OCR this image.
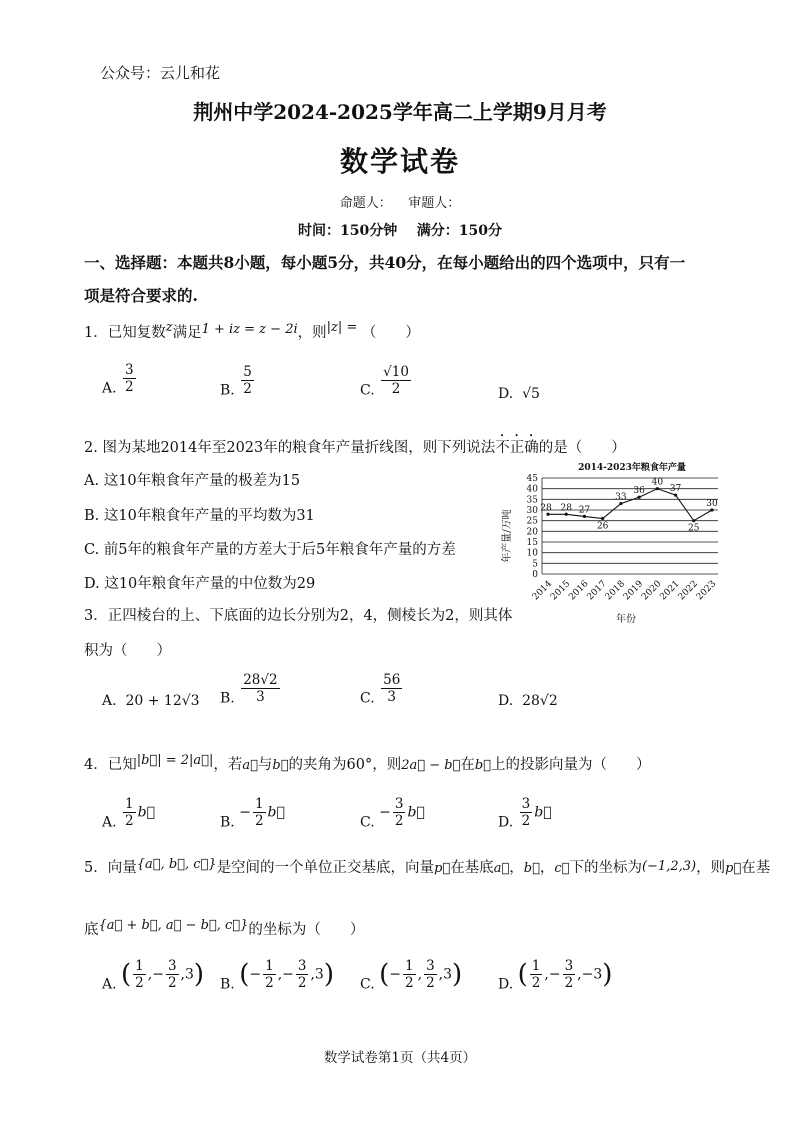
公众号：云儿和花
荆州中学2024-2025学年高二上学期9月月考
数学试卷
命题人：    审题人：
时间：150分钟    满分：150分
一、选择题：本题共8小题，每小题5分，共40分，在每小题给出的四个选项中，只有一
项是符合要求的.
1．已知复数$^z$满足1 + iz = z − 2i，则|z| = （　　）
A. $\frac{3}{2}$	B. $\frac{5}{2}$	C. $\frac{√10}{2}$	D. √5
2. 图为某地2014年至2023年的粮食年产量折线图，则下列说法不正确的是（　　）
A. 这10年粮食年产量的极差为15
B. 这10年粮食年产量的平均数为31
C. 前5年的粮食年产量的方差大于后5年粮食年产量的方差
D. 这10年粮食年产量的中位数为29
2014-2023年粮食年产量
0
5
10
15
20
25
30
35
40
45
28 28 27
26
33
36
40
37
25
30
2014
2015
2016
2017
2018
2019
2020
2021
2022
2023
年份
年产量/万吨
3．正四棱台的上、下底面的边长分别为2，4，侧棱长为2，则其体
积为（　　）
A. 20 + 12√3 B. $\frac{28√2}{3}$	C. $\frac{56}{3}$	D. 28√2
4．已知|b⃗| = 2|a⃗|，若a⃗与b⃗的夹角为60°，则2a⃗ − b⃗在b⃗上的投影向量为（　　）
A. $\frac{1}{2}$ b⃗
B. − $\frac{1}{2}$ b⃗
C. − $\frac{3}{2}$ b⃗
D. $\frac{3}{2}$ b⃗
5．向量{a⃗, b⃗, c⃗}是空间的一个单位正交基底，向量p⃗在基底a⃗，b⃗，c⃗下的坐标为(−1,2,3)，则p⃗在基
底{a⃗ + b⃗, a⃗ − b⃗, c⃗}的坐标为（　　）
A. ( $\frac{1}{2}$ ,− $\frac{3}{2} ,3$) B. (− $\frac{1}{2}$ ,− $\frac{3}{2} ,3$) C. (− $\frac{1}{2}$ , $\frac{3}{2} ,3$)	D. ( $\frac{1}{2}$ ,− $\frac{3}{2} ,-3$)
数学试卷第1页（共4页）
